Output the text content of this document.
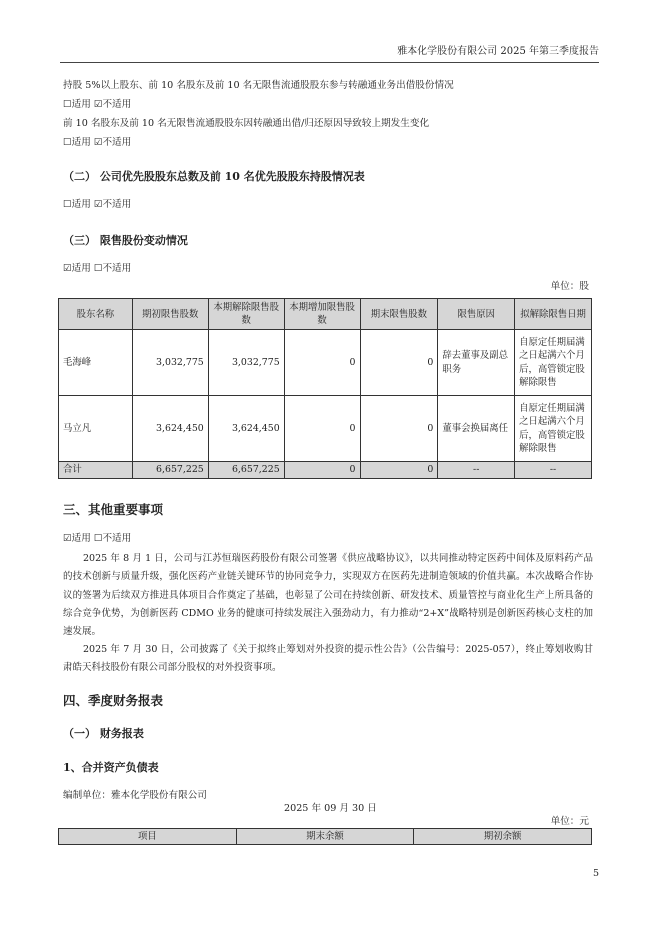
雅本化学股份有限公司 2025 年第三季度报告
持股 5%以上股东、前 10 名股东及前 10 名无限售流通股股东参与转融通业务出借股份情况
☐适用 ☑不适用
前 10 名股东及前 10 名无限售流通股股东因转融通出借/归还原因导致较上期发生变化
☐适用 ☑不适用
（二） 公司优先股股东总数及前 10 名优先股股东持股情况表
☐适用 ☑不适用
（三） 限售股份变动情况
☑适用 ☐不适用
单位：股
股东名称	期初限售股数	本期解除限售股数	本期增加限售股数	期末限售股数	限售原因	拟解除限售日期
毛海峰	3,032,775	3,032,775	0	0	辞去董事及副总职务	自原定任期届满之日起满六个月后，高管锁定股解除限售
马立凡	3,624,450	3,624,450	0	0	董事会换届离任	自原定任期届满之日起满六个月后，高管锁定股解除限售
合计	6,657,225	6,657,225	0	0	--	--
三、其他重要事项
☑适用 ☐不适用

2025 年 8 月 1 日，公司与江苏恒瑞医药股份有限公司签署《供应战略协议》，以共同推动特定医药中间体及原料药产品的技术创新与质量升级，强化医药产业链关键环节的协同竞争力，实现双方在医药先进制造领域的价值共赢。本次战略合作协议的签署为后续双方推进具体项目合作奠定了基础，也彰显了公司在持续创新、研发技术、质量管控与商业化生产上所具备的综合竞争优势，为创新医药 CDMO 业务的健康可持续发展注入强劲动力，有力推动“2+X”战略特别是创新医药核心支柱的加速发展。

2025 年 7 月 30 日，公司披露了《关于拟终止筹划对外投资的提示性公告》（公告编号：2025-057），终止筹划收购甘肃皓天科技股份有限公司部分股权的对外投资事项。

四、季度财务报表
（一） 财务报表
1、合并资产负债表
编制单位：雅本化学股份有限公司
2025 年 09 月 30 日
单位：元
项目	期末余额	期初余额
5
